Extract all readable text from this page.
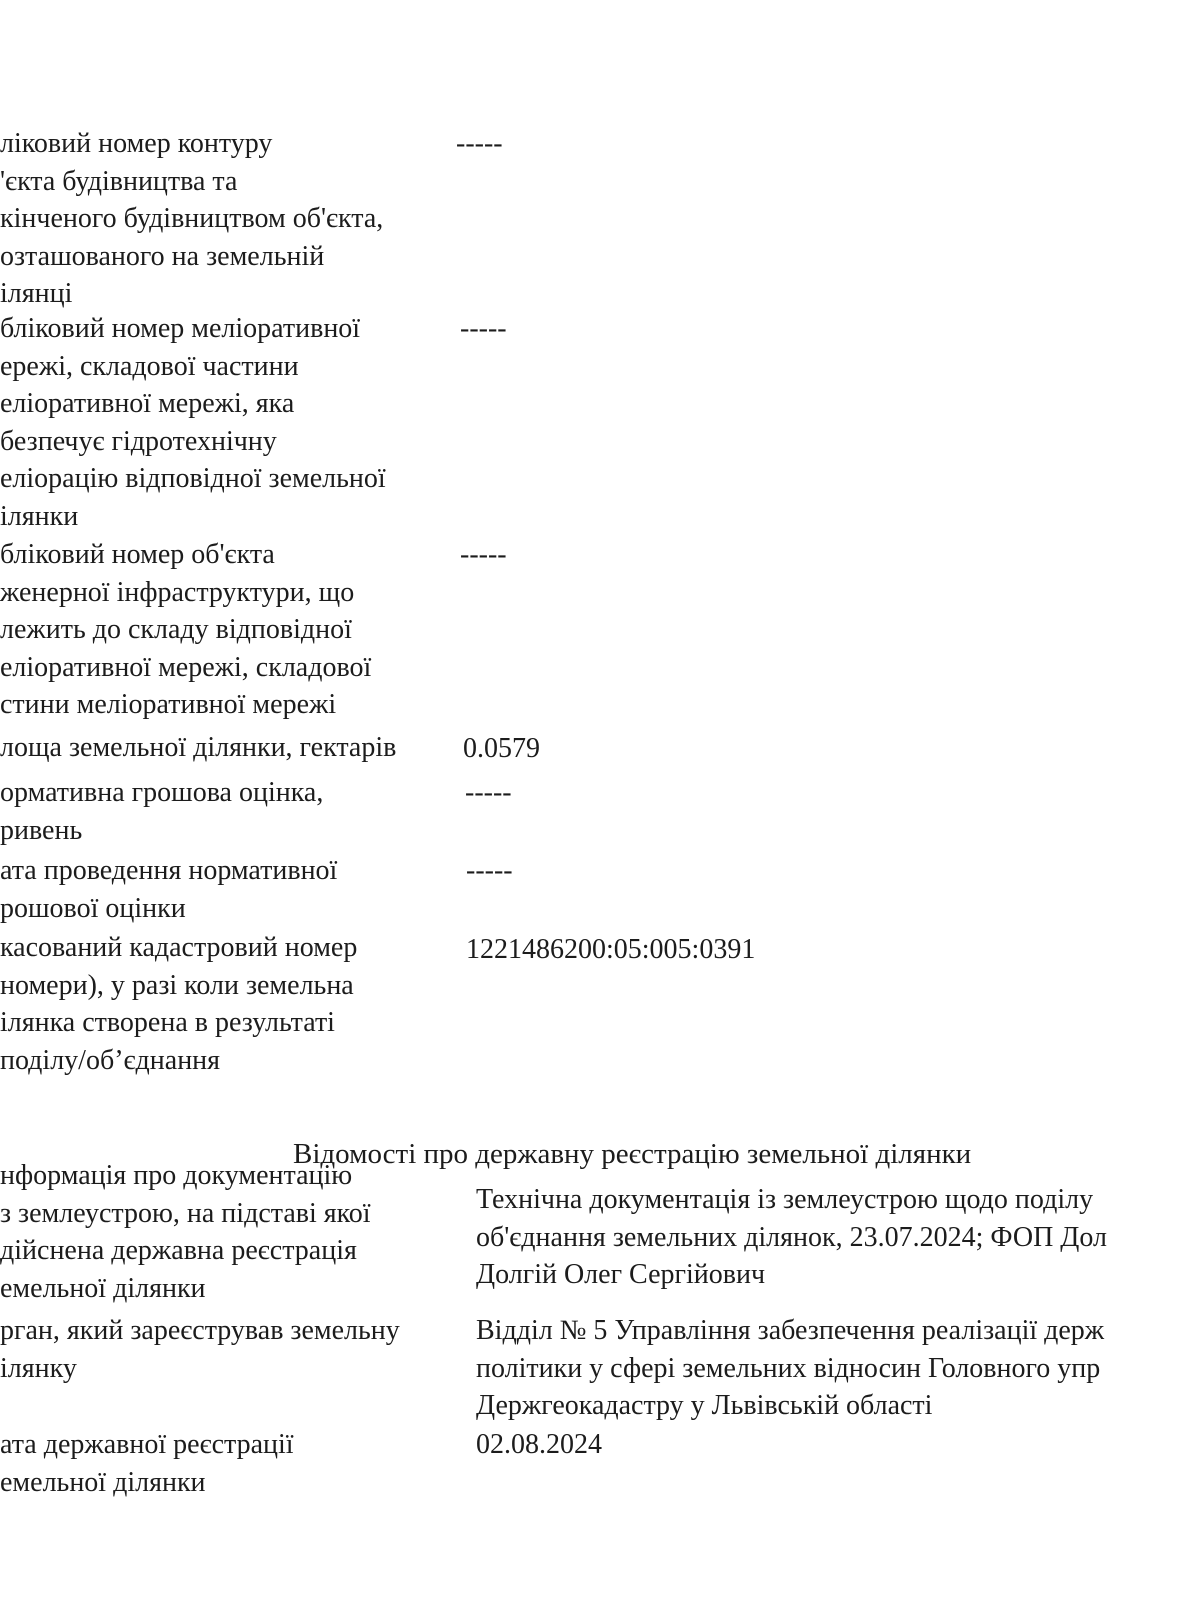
ліковий номер контуру
'єкта будівництва та
кінченого будівництвом об'єкта,
озташованого на земельній
ілянці

-----

бліковий номер меліоративної
ережі, складової частини
еліоративної мережі, яка
безпечує гідротехнічну
еліорацію відповідної земельної
ілянки

-----

бліковий номер об'єкта
женерної інфраструктури, що
лежить до складу відповідної
еліоративної мережі, складової
стини меліоративної мережі

-----

лоща земельної ділянки, гектарів 0.0579

ормативна грошова оцінка,
ривень

-----

ата проведення нормативної
рошової оцінки

-----

касований кадастровий номер
номери), у разі коли земельна
ілянка створена в результаті
поділу/об’єднання

1221486200:05:005:0391

Відомості про державну реєстрацію земельної ділянки

нформація про документацію
з землеустрою, на підставі якої
дійснена державна реєстрація
емельної ділянки

Технічна документація із землеустрою щодо поділу
об'єднання земельних ділянок, 23.07.2024; ФОП Дол
Долгій Олег Сергійович

рган, який зареєстрував земельну
ілянку

Відділ № 5 Управління забезпечення реалізації держ
політики у сфері земельних відносин Головного упр
Держгеокадастру у Львівській області

ата державної реєстрації
емельної ділянки

02.08.2024
